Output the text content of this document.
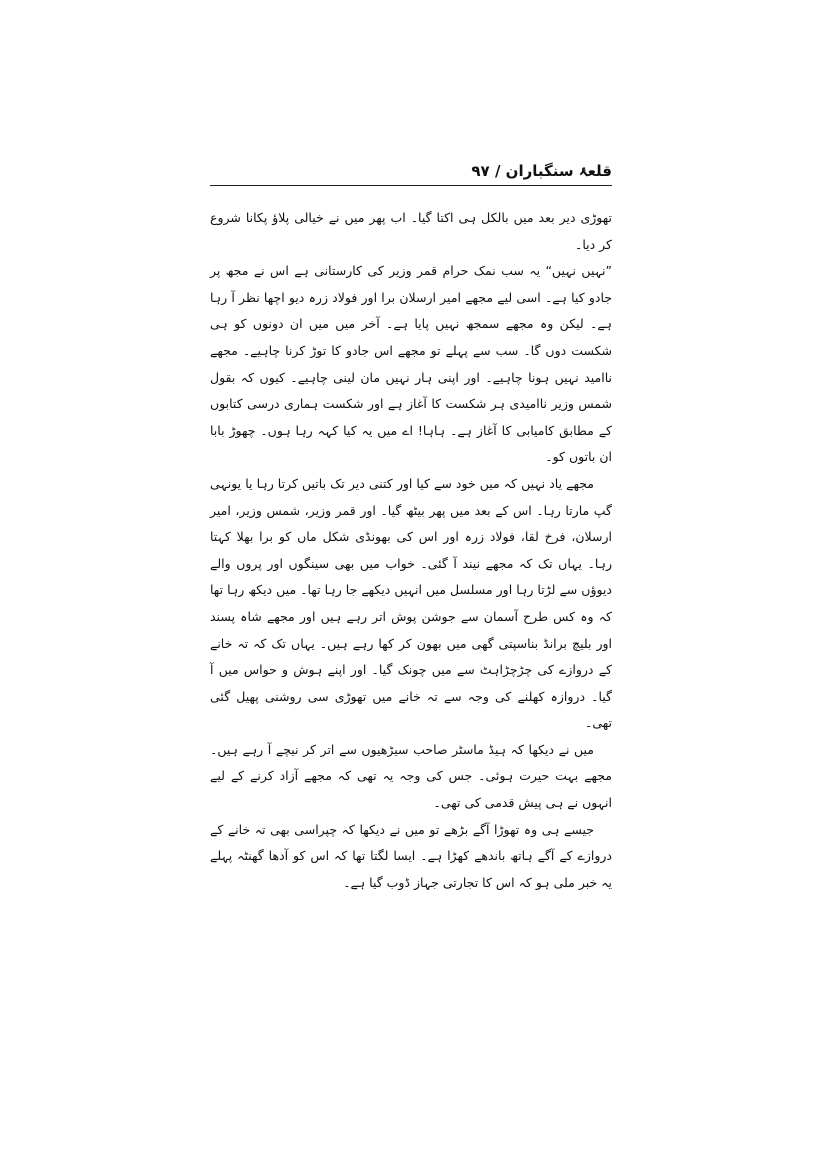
قلعۂ سنگباران / ۹۷

تھوڑی دیر بعد میں بالکل ہی اکتا گیا۔ اب پھر میں نے خیالی پلاؤ پکانا شروع کر دیا۔

”نہیں نہیں“ یہ سب نمک حرام قمر وزیر کی کارستانی ہے اس نے مجھ پر جادو کیا ہے۔ اسی لیے مجھے امیر ارسلان برا اور فولاد زرہ دیو اچھا نظر آ رہا ہے۔ لیکن وہ مجھے سمجھ نہیں پایا ہے۔ آخر میں میں ان دونوں کو ہی شکست دوں گا۔ سب سے پہلے تو مجھے اس جادو کا توڑ کرنا چاہیے۔ مجھے ناامید نہیں ہونا چاہیے۔ اور اپنی ہار نہیں مان لینی چاہیے۔ کیوں کہ بقول شمس وزیر ناامیدی ہر شکست کا آغاز ہے اور شکست ہماری درسی کتابوں کے مطابق کامیابی کا آغاز ہے۔ ہاہا! اے میں یہ کیا کہہ رہا ہوں۔ چھوڑ بابا ان باتوں کو۔

مجھے یاد نہیں کہ میں خود سے کیا اور کتنی دیر تک باتیں کرتا رہا یا یونہی گپ مارتا رہا۔ اس کے بعد میں پھر بیٹھ گیا۔ اور قمر وزیر، شمس وزیر، امیر ارسلان، فرخ لقا، فولاد زرہ اور اس کی بھونڈی شکل ماں کو برا بھلا کہتا رہا۔ یہاں تک کہ مجھے نیند آ گئی۔ خواب میں بھی سینگوں اور پروں والے دیوؤں سے لڑتا رہا اور مسلسل میں انہیں دیکھے جا رہا تھا۔ میں دیکھ رہا تھا کہ وہ کس طرح آسمان سے جوشن پوش اتر رہے ہیں اور مجھے شاہ پسند اور بلیچ برانڈ بناسپتی گھی میں بھون کر کھا رہے ہیں۔ یہاں تک کہ تہ خانے کے دروازے کی چڑچڑاہٹ سے میں چونک گیا۔ اور اپنے ہوش و حواس میں آ گیا۔ دروازہ کھلنے کی وجہ سے تہ خانے میں تھوڑی سی روشنی پھیل گئی تھی۔

میں نے دیکھا کہ ہیڈ ماسٹر صاحب سیڑھیوں سے اتر کر نیچے آ رہے ہیں۔ مجھے بہت حیرت ہوئی۔ جس کی وجہ یہ تھی کہ مجھے آزاد کرنے کے لیے انہوں نے ہی پیش قدمی کی تھی۔

جیسے ہی وہ تھوڑا آگے بڑھے تو میں نے دیکھا کہ چپراسی بھی تہ خانے کے دروازے کے آگے ہاتھ باندھے کھڑا ہے۔ ایسا لگتا تھا کہ اس کو آدھا گھنٹہ پہلے یہ خبر ملی ہو کہ اس کا تجارتی جہاز ڈوب گیا ہے۔
